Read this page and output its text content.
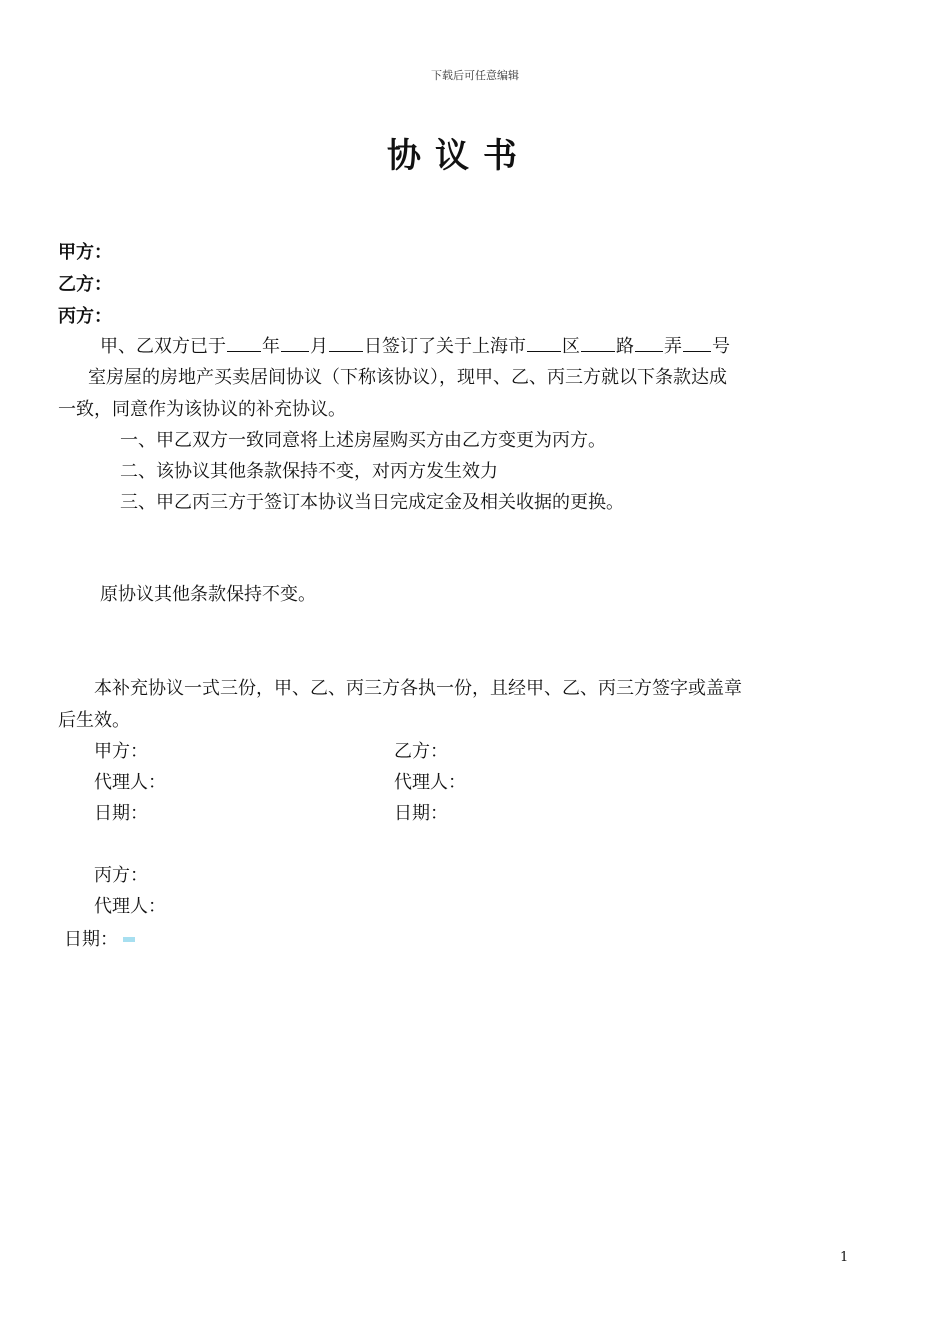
下载后可任意编辑
协议书
甲方：
乙方：
丙方：
甲、乙双方已于 年 月 日签订了关于上海市 区 路 弄 号
室房屋的房地产买卖居间协议（下称该协议），现甲、乙、丙三方就以下条款达成
一致，同意作为该协议的补充协议。
一、甲乙双方一致同意将上述房屋购买方由乙方变更为丙方。
二、该协议其他条款保持不变，对丙方发生效力
三、甲乙丙三方于签订本协议当日完成定金及相关收据的更换。
原协议其他条款保持不变。
本补充协议一式三份，甲、乙、丙三方各执一份，且经甲、乙、丙三方签字或盖章
后生效。
甲方：
代理人：
日期：
乙方：
代理人：
日期：
丙方：
代理人：
日期：
1
